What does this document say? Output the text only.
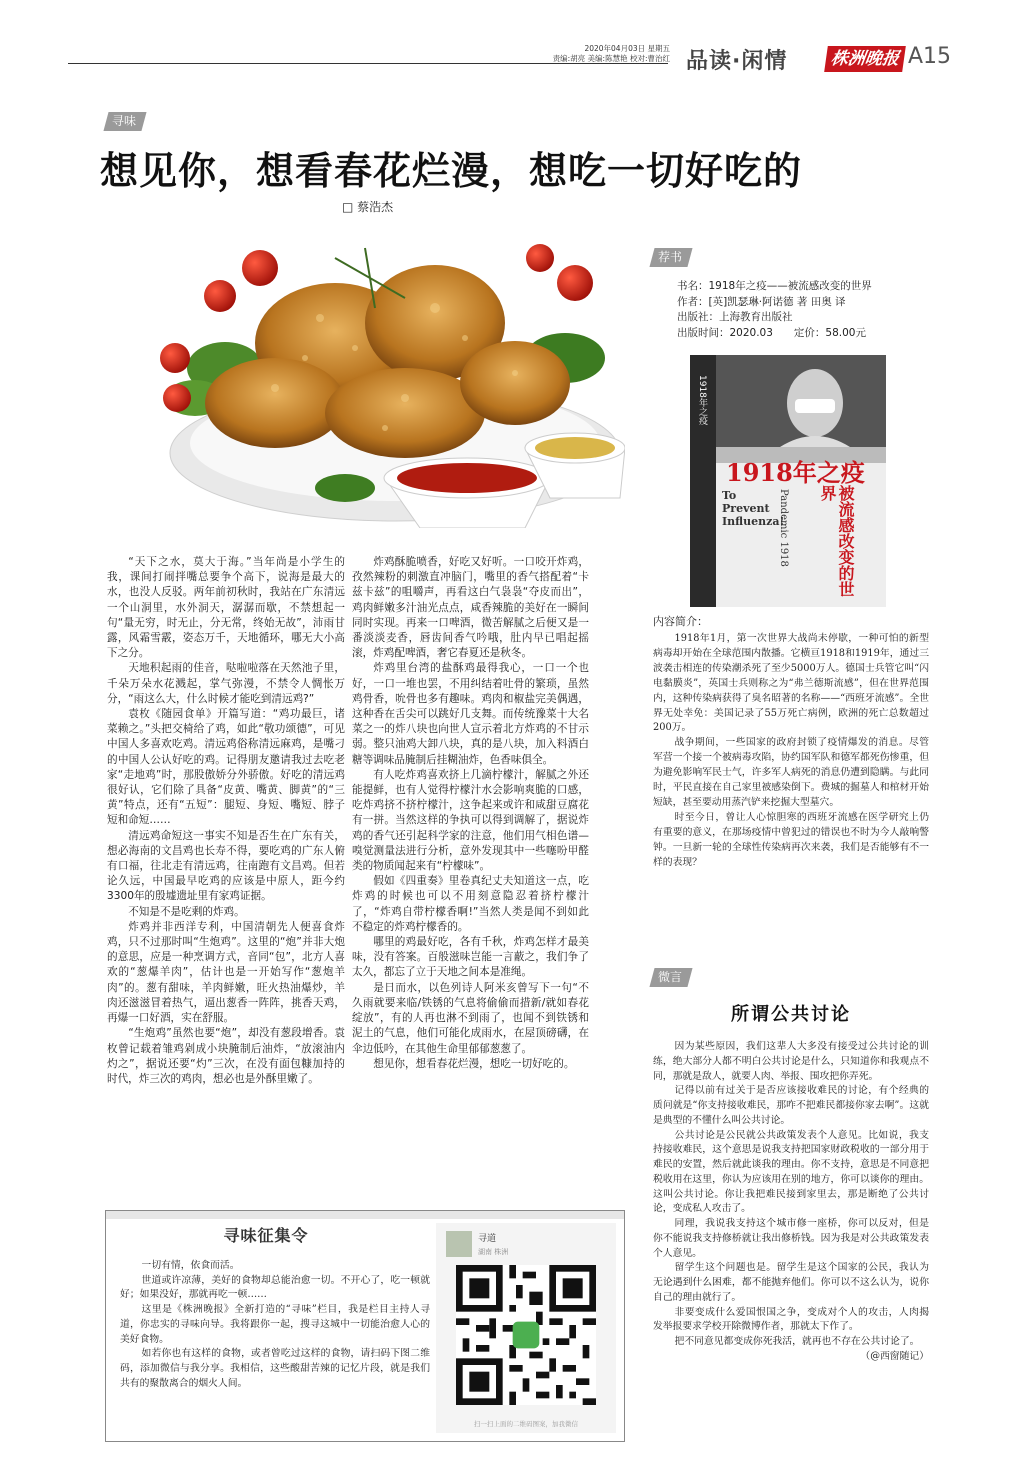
2020年04月03日 星期五
责编:胡亮 美编:陈慧艳 校对:曹治红 品读·闲情	株洲晚报 A15
寻味
想见你，想看春花烂漫，想吃一切好吃的
□ 蔡浩杰

“天下之水，莫大于海。”当年尚是小学生的我，课间打闹拌嘴总要争个高下，说海是最大的水，也没人反驳。两年前初秋时，我站在广东清远一个山洞里，水外洞天，潺潺而歇，不禁想起一句“量无穷，时无止，分无常，终始无故”，沛雨甘露，风霜雪霰，姿态万千，天地循环，哪无大小高下之分。

天地积起雨的佳音，哒啦啦落在天然池子里，千朵万朵水花溅起，掌气弥漫，不禁令人惆怅万分，“雨这么大，什么时候才能吃到清远鸡?”

袁枚《随园食单》开篇写道：“鸡功最巨，诸菜赖之。”头把交椅给了鸡，如此“敬功颂德”，可见中国人多喜欢吃鸡。清远鸡俗称清远麻鸡，是嘴刁的中国人公认好吃的鸡。记得朋友邀请我过去吃老家“走地鸡”时，那股傲娇分外骄傲。好吃的清远鸡很好认，它们除了具备“皮黄、嘴黄、脚黄”的“三黄”特点，还有“五短”：腿短、身短、嘴短、脖子短和命短……

清远鸡命短这一事实不知是否生在广东有关，想必海南的文昌鸡也长寿不得，要吃鸡的广东人俯有口福，往北走有清远鸡，往南跑有文昌鸡。但若论久远，中国最早吃鸡的应该是中原人，距今约3300年的殷墟遗址里有家鸡证据。

不知是不是吃剩的炸鸡。

炸鸡并非西洋专利，中国清朝先人便喜食炸鸡，只不过那时叫“生炮鸡”。这里的“炮”并非大炮的意思，应是一种烹调方式，音同“包”，北方人喜欢的“葱爆羊肉”，估计也是一开始写作“葱炮羊肉”的。葱有甜味，羊肉鲜嫩，旺火热油爆炒，羊肉还滋滋冒着热气，逼出葱香一阵阵，挑香天鸡，再爆一口好酒，实在舒服。

“生炮鸡”虽然也要“炮”，却没有葱段增香。袁枚曾记载着雏鸡剁成小块腌制后油炸，“放滚油内灼之”，据说还要“灼”三次，在没有面包糠加持的时代，炸三次的鸡肉，想必也是外酥里嫩了。

炸鸡酥脆喷香，好吃又好听。一口咬开炸鸡，孜然辣粉的刺激直冲脑门，嘴里的香气搭配着“卡兹卡兹”的咀嚼声，再看这白气袅袅“夺皮而出”，鸡肉鲜嫩多汁油光点点，咸香辣脆的美好在一瞬间同时实现。再来一口啤酒，微苦解腻之后便又是一番淡淡麦香，唇齿间香气吟哦，肚内早已唱起摇滚，炸鸡配啤酒，奢它春夏还是秋冬。

炸鸡里台湾的盐酥鸡最得我心，一口一个也好，一口一堆也罢，不用纠结着吐骨的繁琐，虽然鸡骨香，吮骨也多有趣味。鸡肉和椒盐完美偶遇，这种香在舌尖可以跳好几支舞。而传统豫菜十大名菜之一的炸八块也向世人宣示着北方炸鸡的不甘示弱。整只油鸡大卸八块，真的是八块，加入料酒白糖等调味品腌制后挂糊油炸，色香味俱全。

有人吃炸鸡喜欢挤上几滴柠檬汁，解腻之外还能提鲜，也有人觉得柠檬汁水会影响爽脆的口感，吃炸鸡挤不挤柠檬汁，这争起来或许和咸甜豆腐花有一拼。当然这样的争执可以得到调解了，据说炸鸡的香气还引起科学家的注意，他们用气相色谱—嗅觉测量法进行分析，意外发现其中一些噻吩甲醛类的物质闻起来有“柠檬味”。

假如《四重奏》里卷真纪丈夫知道这一点，吃炸鸡的时候也可以不用刻意隐忍着挤柠檬汁了，“炸鸡自带柠檬香啊!”当然人类是闻不到如此不稳定的炸鸡柠檬香的。

哪里的鸡最好吃，各有千秋，炸鸡怎样才最美味，没有答案。百般滋味岂能一言蔽之，我们争了太久，都忘了立于天地之间本是准绳。

是日而水，以色列诗人阿米亥曾写下一句“不久雨就要来临/铁锈的气息将偷偷而措新/就如春花绽放”，有的人再也淋不到雨了，也闻不到铁锈和泥土的气息，他们可能化成雨水，在屋顶磅礴，在伞边低吟，在其他生命里郁郁葱葱了。

想见你，想看春花烂漫，想吃一切好吃的。

荐书
书名：1918年之疫——被流感改变的世界
作者：[英]凯瑟琳·阿诺德 著 田奥 译
出版社：上海教育出版社
出版时间：2020.03　　定价：58.00元
1918年之疫
To Prevent Influenza!
Pandemic 1918	被流感改变的世界
1918年之疫
内容简介：

1918年1月，第一次世界大战尚未停歇，一种可怕的新型病毒却开始在全球范围内散播。它横亘1918和1919年，通过三波袭击相连的传染潮杀死了至少5000万人。德国士兵管它叫“闪电黏膜炎”，英国士兵则称之为“弗兰德斯流感”，但在世界范围内，这种传染病获得了臭名昭著的名称——“西班牙流感”。全世界无处幸免：美国记录了55万死亡病例，欧洲的死亡总数超过200万。

战争期间，一些国家的政府封锁了疫情爆发的消息。尽管军营一个接一个被病毒攻陷，协约国军队和德军都死伤惨重，但为避免影响军民士气，许多军人病死的消息仍遭到隐瞒。与此同时，平民直接在自己家里被感染倒下。费城的掘墓人和棺材开始短缺，甚至要动用蒸汽铲来挖掘大型墓穴。

时至今日，曾让人心惊胆寒的西班牙流感在医学研究上仍有重要的意义，在那场疫情中曾犯过的错误也不时为今人敲响警钟。一旦新一轮的全球性传染病再次来袭，我们是否能够有不一样的表现？

微言
所谓公共讨论

因为某些原因，我们这辈人大多没有接受过公共讨论的训练，绝大部分人都不明白公共讨论是什么，只知道你和我观点不同，那就是敌人，就要人肉、举报、围攻把你弄死。

记得以前有过关于是否应该接收难民的讨论，有个经典的质问就是“你支持接收难民，那咋不把难民都接你家去啊”。这就是典型的不懂什么叫公共讨论。

公共讨论是公民就公共政策发表个人意见。比如说，我支持接收难民，这个意思是说我支持把国家财政税收的一部分用于难民的安置，然后就此谈我的理由。你不支持，意思是不同意把税收用在这里，你认为应该用在别的地方，你可以谈你的理由。这叫公共讨论。你让我把难民接到家里去，那是断绝了公共讨论，变成私人攻击了。

同理，我说我支持这个城市修一座桥，你可以反对，但是你不能说我支持修桥就让我出修桥钱。因为我是对公共政策发表个人意见。

留学生这个问题也是。留学生是这个国家的公民，我认为无论遇到什么困难，都不能抛弃他们。你可以不这么认为，说你自己的理由就行了。

非要变成什么爱国恨国之争，变成对个人的攻击，人肉揭发举报要求学校开除微博作者，那就太下作了。

把不同意见都变成你死我活，就再也不存在公共讨论了。

（@西窗随记）
寻味征集令

一切有情，依食而活。

世道或许凉薄，美好的食物却总能治愈一切。不开心了，吃一顿就好；如果没好，那就再吃一顿……

这里是《株洲晚报》全新打造的“寻味”栏目，我是栏目主持人寻道，你忠实的寻味向导。我将跟你一起，搜寻这城中一切能治愈人心的美好食物。

如若你也有这样的食物，或者曾吃过这样的食物，请扫码下图二维码，添加微信与我分享。我相信，这些酸甜苦辣的记忆片段，就是我们共有的聚散离合的烟火人间。

寻道
湖南 株洲
扫一扫上面的二维码图案，加我微信
